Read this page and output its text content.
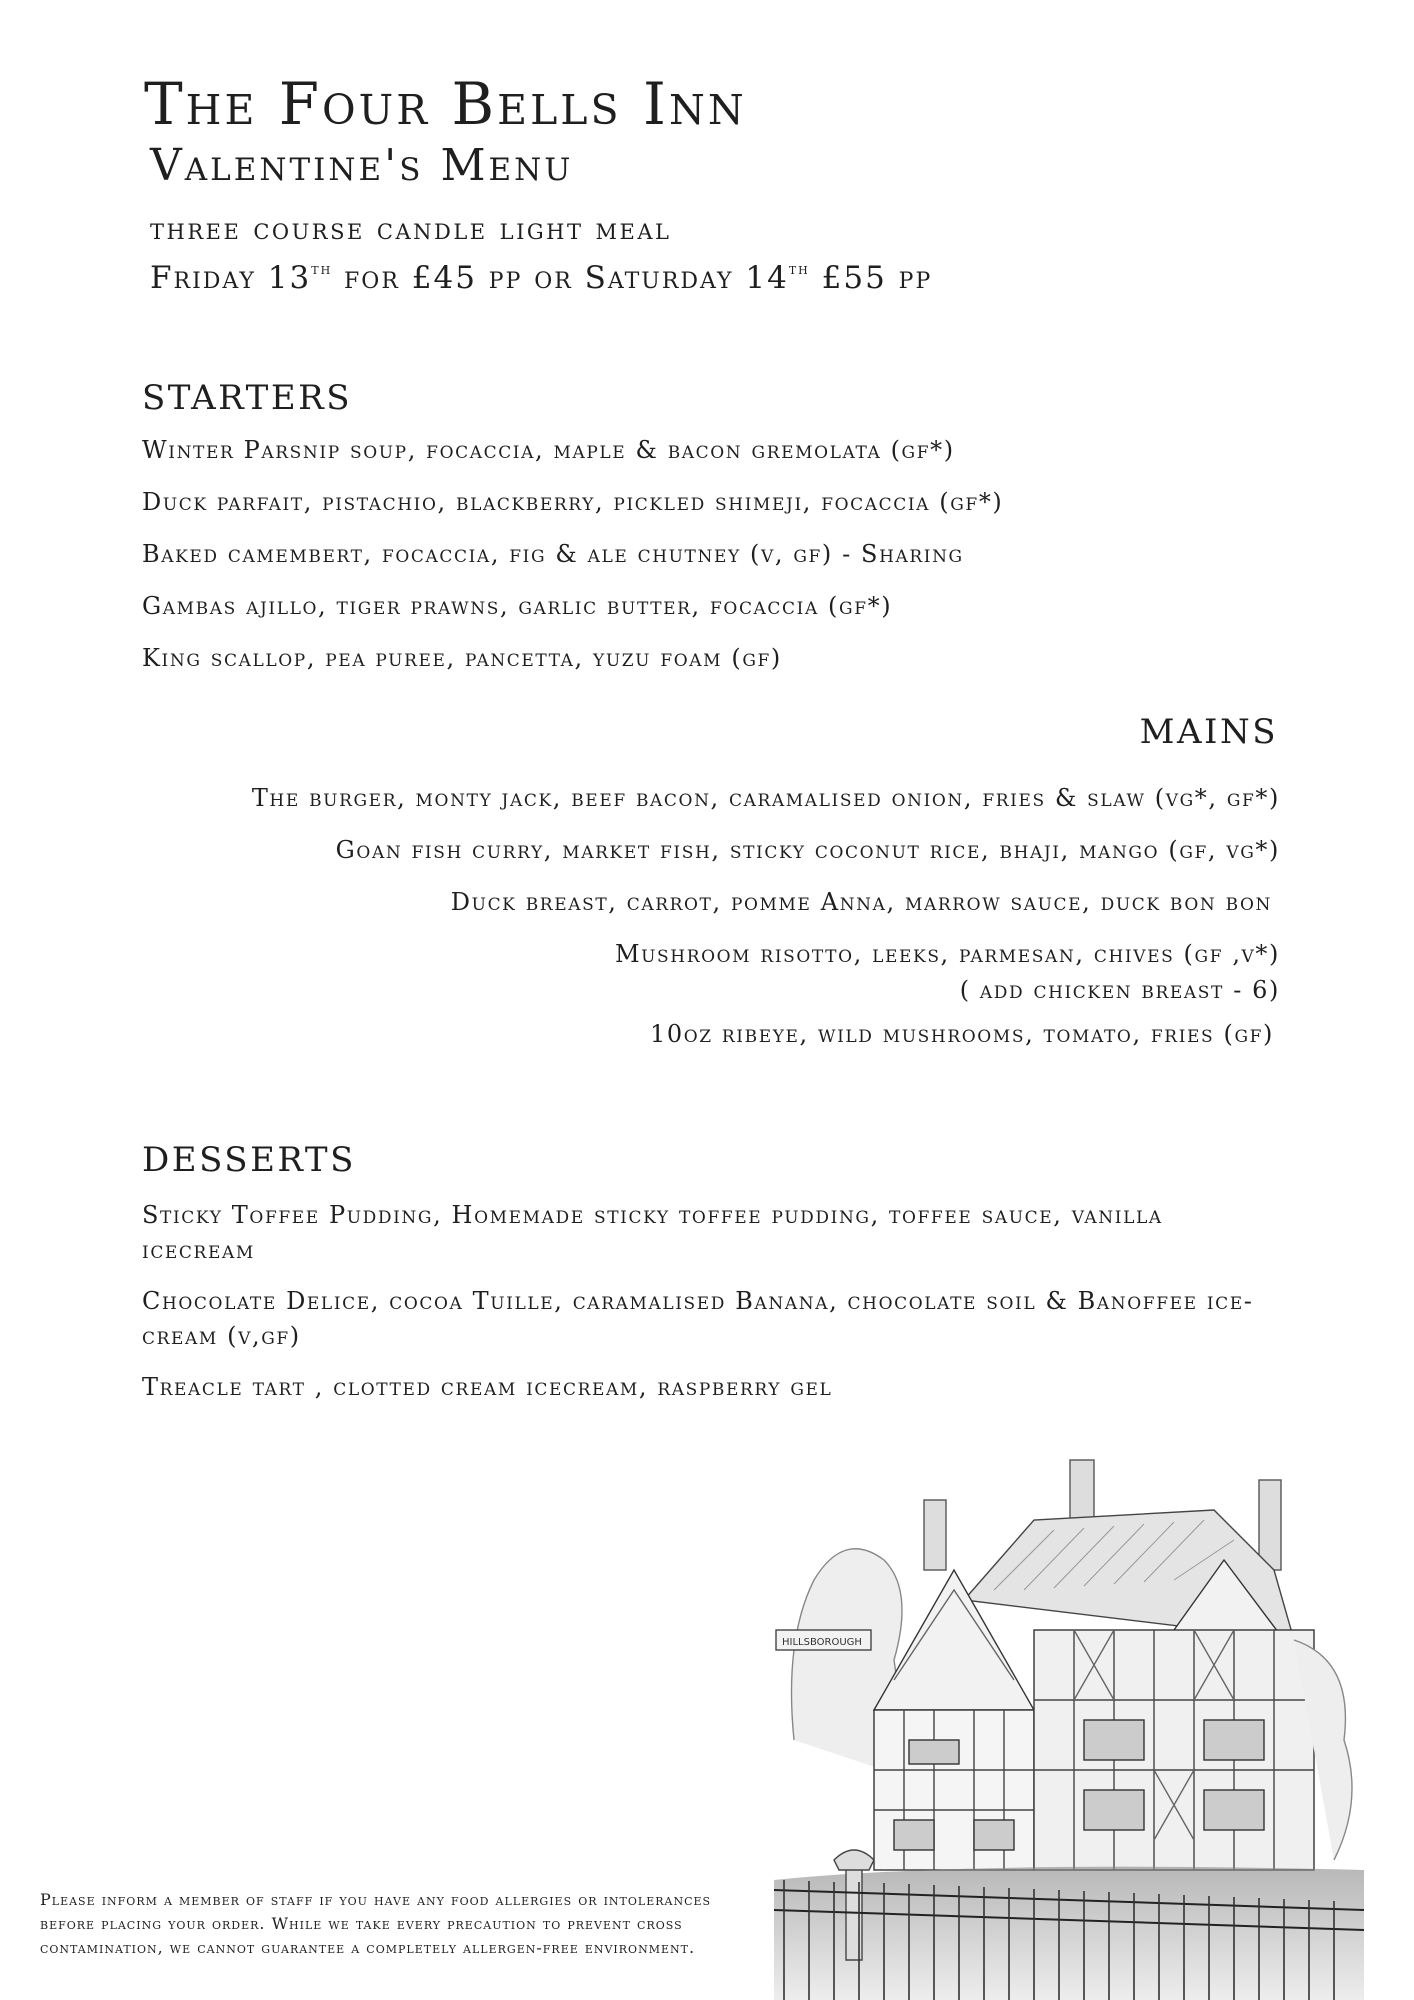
The Four Bells Inn
Valentine's Menu
three course candle light meal
Friday 13th for £45 pp or Saturday 14th £55 pp
STARTERS
Winter Parsnip soup, focaccia, maple & bacon gremolata (gf*)
Duck parfait, pistachio, blackberry, pickled shimeji, focaccia (gf*)
Baked camembert, focaccia, fig & ale chutney (v, gf) - Sharing
Gambas ajillo, tiger prawns, garlic butter, focaccia (gf*)
King scallop, pea puree, pancetta, yuzu foam (gf)
MAINS
The burger, monty jack, beef bacon, caramalised onion, fries & slaw (vg*, gf*)
Goan fish curry, market fish, sticky coconut rice, bhaji, mango (gf, vg*)
Duck breast, carrot, pomme Anna, marrow sauce, duck bon bon
Mushroom risotto, leeks, parmesan, chives (gf ,v*)
( add chicken breast - 6)
10oz ribeye, wild mushrooms, tomato, fries (gf)
DESSERTS
Sticky Toffee Pudding, Homemade sticky toffee pudding, toffee sauce, vanilla icecream
Chocolate Delice, cocoa Tuille, caramalised Banana, chocolate soil & Banoffee ice-cream (v,gf)
Treacle tart , clotted cream icecream, raspberry gel
HILLSBOROUGH
Please inform a member of staff if you have any food allergies or intolerances
before placing your order. While we take every precaution to prevent cross
contamination, we cannot guarantee a completely allergen-free environment.
